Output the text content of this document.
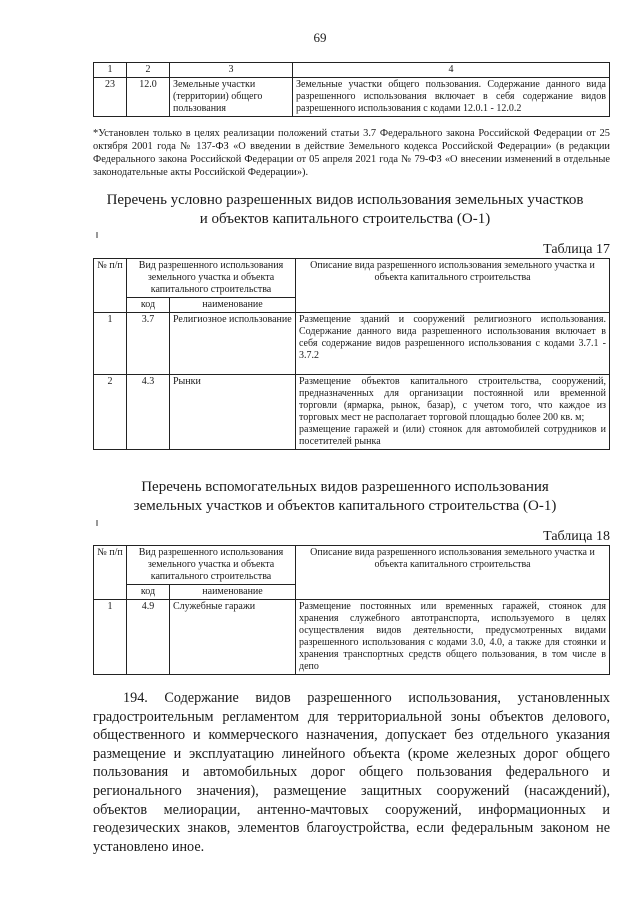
69
1	2	3	4
23	12.0	Земельные участки (территории) общего пользования	Земельные участки общего пользования. Содержание данного вида разрешенного использования включает в себя содержание видов разрешенного использования с кодами 12.0.1 - 12.0.2
*Установлен только в целях реализации положений статьи 3.7 Федерального закона Российской Федерации от 25 октября 2001 года № 137-ФЗ «О введении в действие Земельного кодекса Российской Федерации» (в редакции Федерального закона Российской Федерации от 05 апреля 2021 года № 79-ФЗ «О внесении изменений в отдельные законодательные акты Российской Федерации»).
Перечень условно разрешенных видов использования земельных участков
и объектов капитального строительства (О-1)
Таблица 17
№ п/п	Вид разрешенного использования земельного участка и объекта капитального строительства		Описание вида разрешенного использования земельного участка и объекта капитального строительства
	код	наименование	
1	3.7	Религиозное использование	Размещение зданий и сооружений религиозного использования. Содержание данного вида разрешенного использования включает в себя содержание видов разрешенного использования с кодами 3.7.1 - 3.7.2
2	4.3	Рынки	Размещение объектов капитального строительства, сооружений, предназначенных для организации постоянной или временной торговли (ярмарка, рынок, базар), с учетом того, что каждое из торговых мест не располагает торговой площадью более 200 кв. м;
размещение гаражей и (или) стоянок для автомобилей сотрудников и посетителей рынка
Перечень вспомогательных видов разрешенного использования
земельных участков и объектов капитального строительства (О-1)
Таблица 18
№ п/п	Вид разрешенного использования земельного участка и объекта капитального строительства		Описание вида разрешенного использования земельного участка и объекта капитального строительства
	код	наименование	
1	4.9	Служебные гаражи	Размещение постоянных или временных гаражей, стоянок для хранения служебного автотранспорта, используемого в целях осуществления видов деятельности, предусмотренных видами разрешенного использования с кодами 3.0, 4.0, а также для стоянки и хранения транспортных средств общего пользования, в том числе в депо
194. Содержание видов разрешенного использования, установленных градостроительным регламентом для территориальной зоны объектов делового, общественного и коммерческого назначения, допускает без отдельного указания размещение и эксплуатацию линейного объекта (кроме железных дорог общего пользования и автомобильных дорог общего пользования федерального и регионального значения), размещение защитных сооружений (насаждений), объектов мелиорации, антенно-мачтовых сооружений, информационных и геодезических знаков, элементов благоустройства, если федеральным законом не установлено иное.
